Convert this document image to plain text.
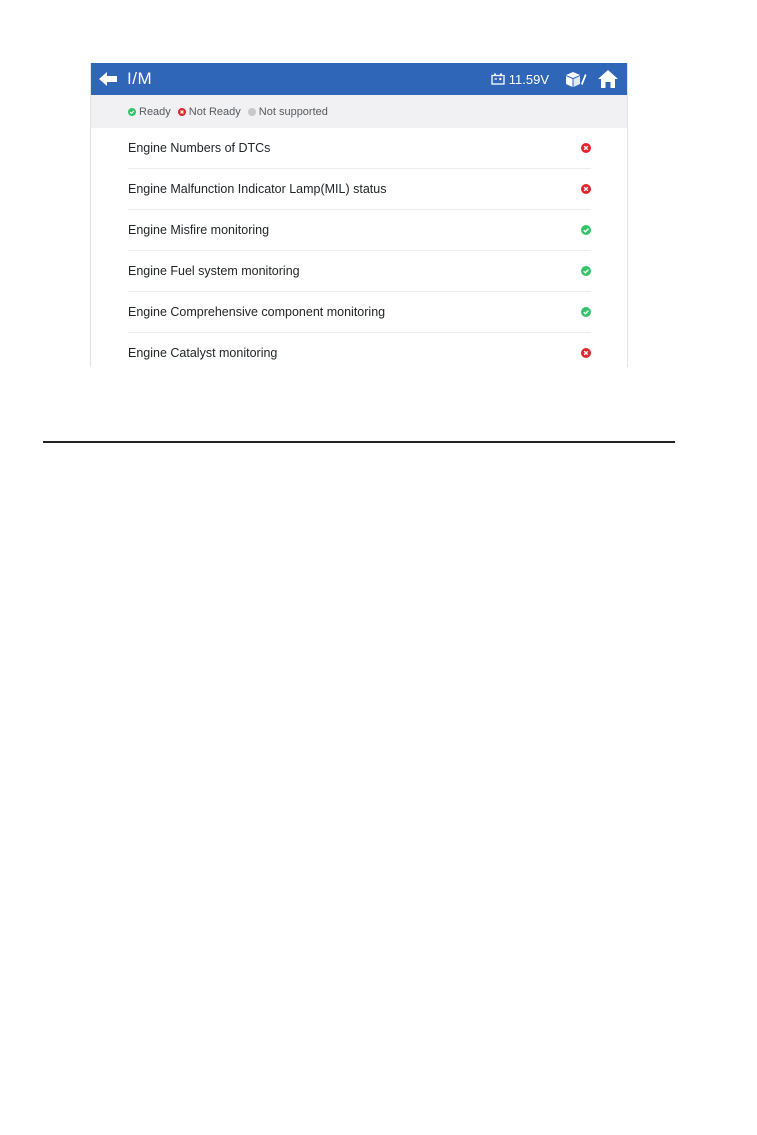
I/M	11.59V
Ready Not Ready Not supported
Engine Numbers of DTCs
Engine Malfunction Indicator Lamp(MIL) status
Engine Misfire monitoring
Engine Fuel system monitoring
Engine Comprehensive component monitoring
Engine Catalyst monitoring
